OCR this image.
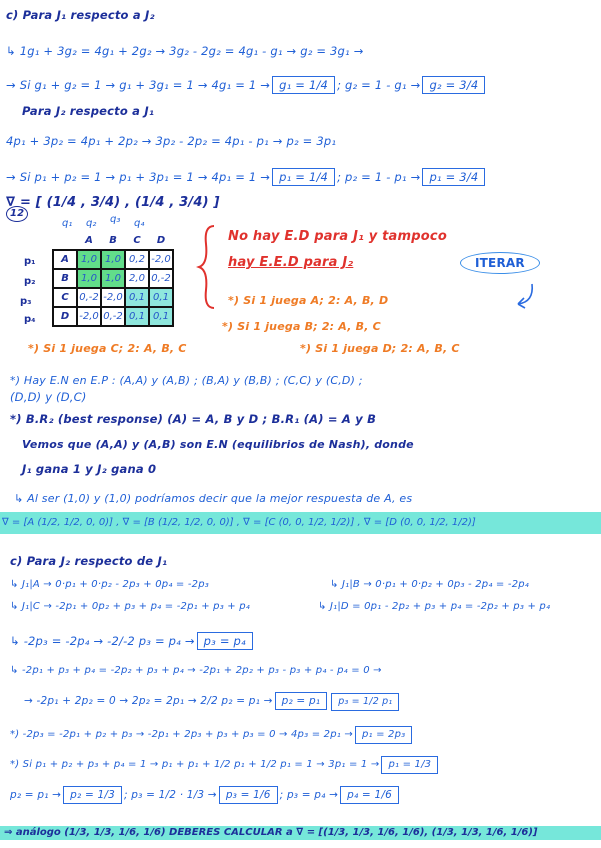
c) Para J₁ respecto a J₂
↳ 1g₁ + 3g₂ = 4g₁ + 2g₂ → 3g₂ - 2g₂ = 4g₁ - g₁ → g₂ = 3g₁ →
→ Si g₁ + g₂ = 1 → g₁ + 3g₁ = 1 → 4g₁ = 1 → g₁ = 1/4 ; g₂ = 1 - g₁ → g₂ = 3/4
Para J₂ respecto a J₁
4p₁ + 3p₂ = 4p₁ + 2p₂ → 3p₂ - 2p₂ = 4p₁ - p₁ → p₂ = 3p₁
→ Si p₁ + p₂ = 1 → p₁ + 3p₁ = 1 → 4p₁ = 1 → p₁ = 1/4 ; p₂ = 1 - p₁ → p₁ = 3/4
∇ = [ (1/4 , 3/4) , (1/4 , 3/4) ]
12
q₁ q₂ q₃ q₄
p₁
p₂
p₃
p₄
	A	B	C	D
A	1,0	1,0	0,2	-2,0
B	1,0	1,0	2,0	0,-2
C	0,-2	-2,0	0,1	0,1
D	-2,0	0,-2	0,1	0,1
No hay E.D para J₁ y tampoco
hay E.E.D para J₂	ITERAR
*) Si 1 juega A; 2: A, B, D
*) Si 1 juega B; 2: A, B, C
*) Si 1 juega C; 2: A, B, C	*) Si 1 juega D; 2: A, B, C
*) Hay E.N en E.P : (A,A) y (A,B) ; (B,A) y (B,B) ; (C,C) y (C,D) ;
(D,D) y (D,C)
*) B.R₂ (best response) (A) = A, B y D ; B.R₁ (A) = A y B
Vemos que (A,A) y (A,B) son E.N (equilibrios de Nash), donde
J₁ gana 1 y J₂ gana 0
↳ Al ser (1,0) y (1,0) podríamos decir que la mejor respuesta de A, es
∇ = [A (1/2, 1/2, 0, 0)] , ∇ = [B (1/2, 1/2, 0, 0)] , ∇ = [C (0, 0, 1/2, 1/2)] , ∇ = [D (0, 0, 1/2, 1/2)]
c) Para J₂ respecto de J₁
↳ J₁|A → 0·p₁ + 0·p₂ - 2p₃ + 0p₄ = -2p₃	↳ J₁|B → 0·p₁ + 0·p₂ + 0p₃ - 2p₄ = -2p₄
↳ J₁|C → -2p₁ + 0p₂ + p₃ + p₄ = -2p₁ + p₃ + p₄	↳ J₁|D = 0p₁ - 2p₂ + p₃ + p₄ = -2p₂ + p₃ + p₄
↳ -2p₃ = -2p₄ → -2/-2 p₃ = p₄ → p₃ = p₄
↳ -2p₁ + p₃ + p₄ = -2p₂ + p₃ + p₄ → -2p₁ + 2p₂ + p₃ - p₃ + p₄ - p₄ = 0 →
→ -2p₁ + 2p₂ = 0 → 2p₂ = 2p₁ → 2/2 p₂ = p₁ → p₂ = p₁ p₃ = 1/2 p₁
*) -2p₃ = -2p₁ + p₂ + p₃ → -2p₁ + 2p₃ + p₃ + p₃ = 0 → 4p₃ = 2p₁ → p₁ = 2p₃
*) Si p₁ + p₂ + p₃ + p₄ = 1 → p₁ + p₁ + 1/2 p₁ + 1/2 p₁ = 1 → 3p₁ = 1 → p₁ = 1/3
p₂ = p₁ → p₂ = 1/3 ; p₃ = 1/2 · 1/3 → p₃ = 1/6 ; p₃ = p₄ → p₄ = 1/6
⇒ análogo (1/3, 1/3, 1/6, 1/6) DEBERES CALCULAR a ∇ = [(1/3, 1/3, 1/6, 1/6), (1/3, 1/3, 1/6, 1/6)]
